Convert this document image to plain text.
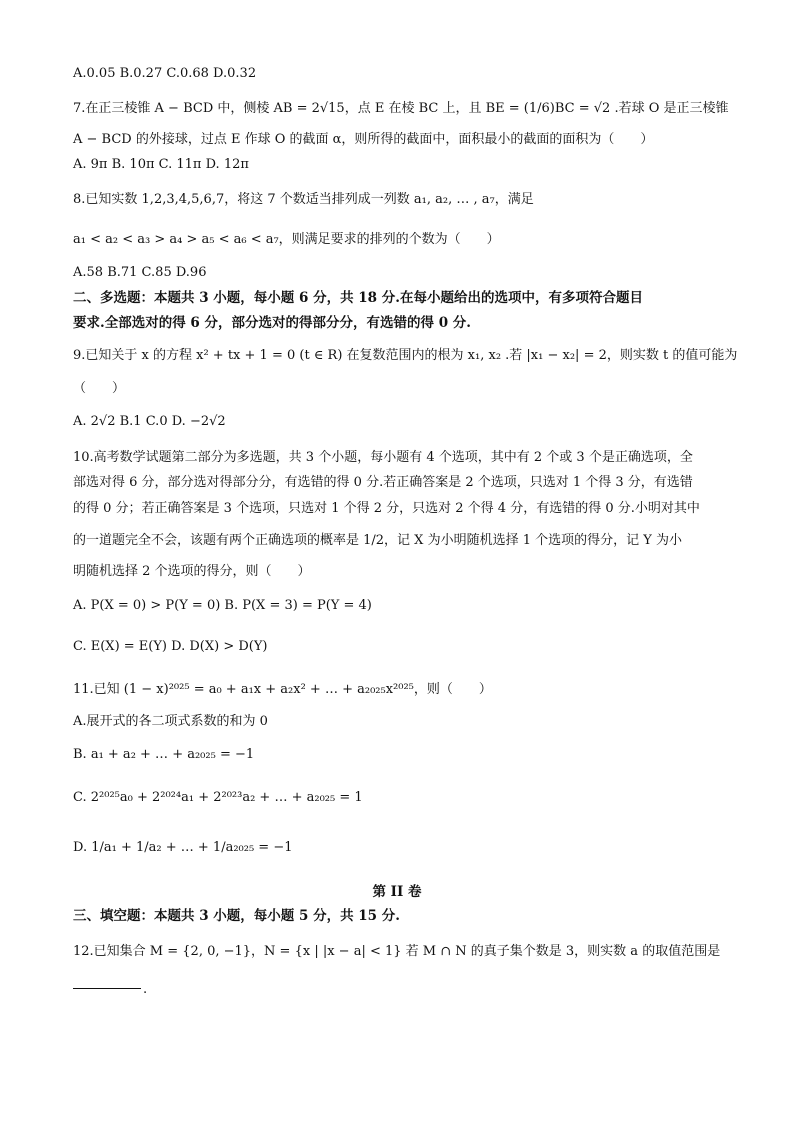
A.0.05 B.0.27 C.0.68 D.0.32
7.在正三棱锥 A − BCD 中，侧棱 AB = 2√15，点 E 在棱 BC 上，且 BE = (1/6)BC = √2 .若球 O 是正三棱锥
A − BCD 的外接球，过点 E 作球 O 的截面 α，则所得的截面中，面积最小的截面的面积为（　　）
A. 9π B. 10π C. 11π D. 12π
8.已知实数 1,2,3,4,5,6,7，将这 7 个数适当排列成一列数 a₁, a₂, … , a₇，满足
a₁ < a₂ < a₃ > a₄ > a₅ < a₆ < a₇，则满足要求的排列的个数为（　　）
A.58 B.71 C.85 D.96
二、多选题：本题共 3 小题，每小题 6 分，共 18 分.在每小题给出的选项中，有多项符合题目
要求.全部选对的得 6 分，部分选对的得部分分，有选错的得 0 分.
9.已知关于 x 的方程 x² + tx + 1 = 0 (t ∈ R) 在复数范围内的根为 x₁, x₂ .若 |x₁ − x₂| = 2，则实数 t 的值可能为
（　　）
A. 2√2 B.1 C.0 D. −2√2
10.高考数学试题第二部分为多选题，共 3 个小题，每小题有 4 个选项，其中有 2 个或 3 个是正确选项，全
部选对得 6 分，部分选对得部分分，有选错的得 0 分.若正确答案是 2 个选项，只选对 1 个得 3 分，有选错
的得 0 分；若正确答案是 3 个选项，只选对 1 个得 2 分，只选对 2 个得 4 分，有选错的得 0 分.小明对其中
的一道题完全不会，该题有两个正确选项的概率是 1/2，记 X 为小明随机选择 1 个选项的得分，记 Y 为小
明随机选择 2 个选项的得分，则（　　）
A. P(X = 0) > P(Y = 0) B. P(X = 3) = P(Y = 4)
C. E(X) = E(Y) D. D(X) > D(Y)
11.已知 (1 − x)²⁰²⁵ = a₀ + a₁x + a₂x² + … + a₂₀₂₅x²⁰²⁵，则（　　）
A.展开式的各二项式系数的和为 0
B. a₁ + a₂ + … + a₂₀₂₅ = −1
C. 2²⁰²⁵a₀ + 2²⁰²⁴a₁ + 2²⁰²³a₂ + … + a₂₀₂₅ = 1
D. 1/a₁ + 1/a₂ + … + 1/a₂₀₂₅ = −1
第 II 卷
三、填空题：本题共 3 小题，每小题 5 分，共 15 分.
12.已知集合 M = {2, 0, −1}，N = {x | |x − a| < 1} 若 M ∩ N 的真子集个数是 3，则实数 a 的取值范围是
.
